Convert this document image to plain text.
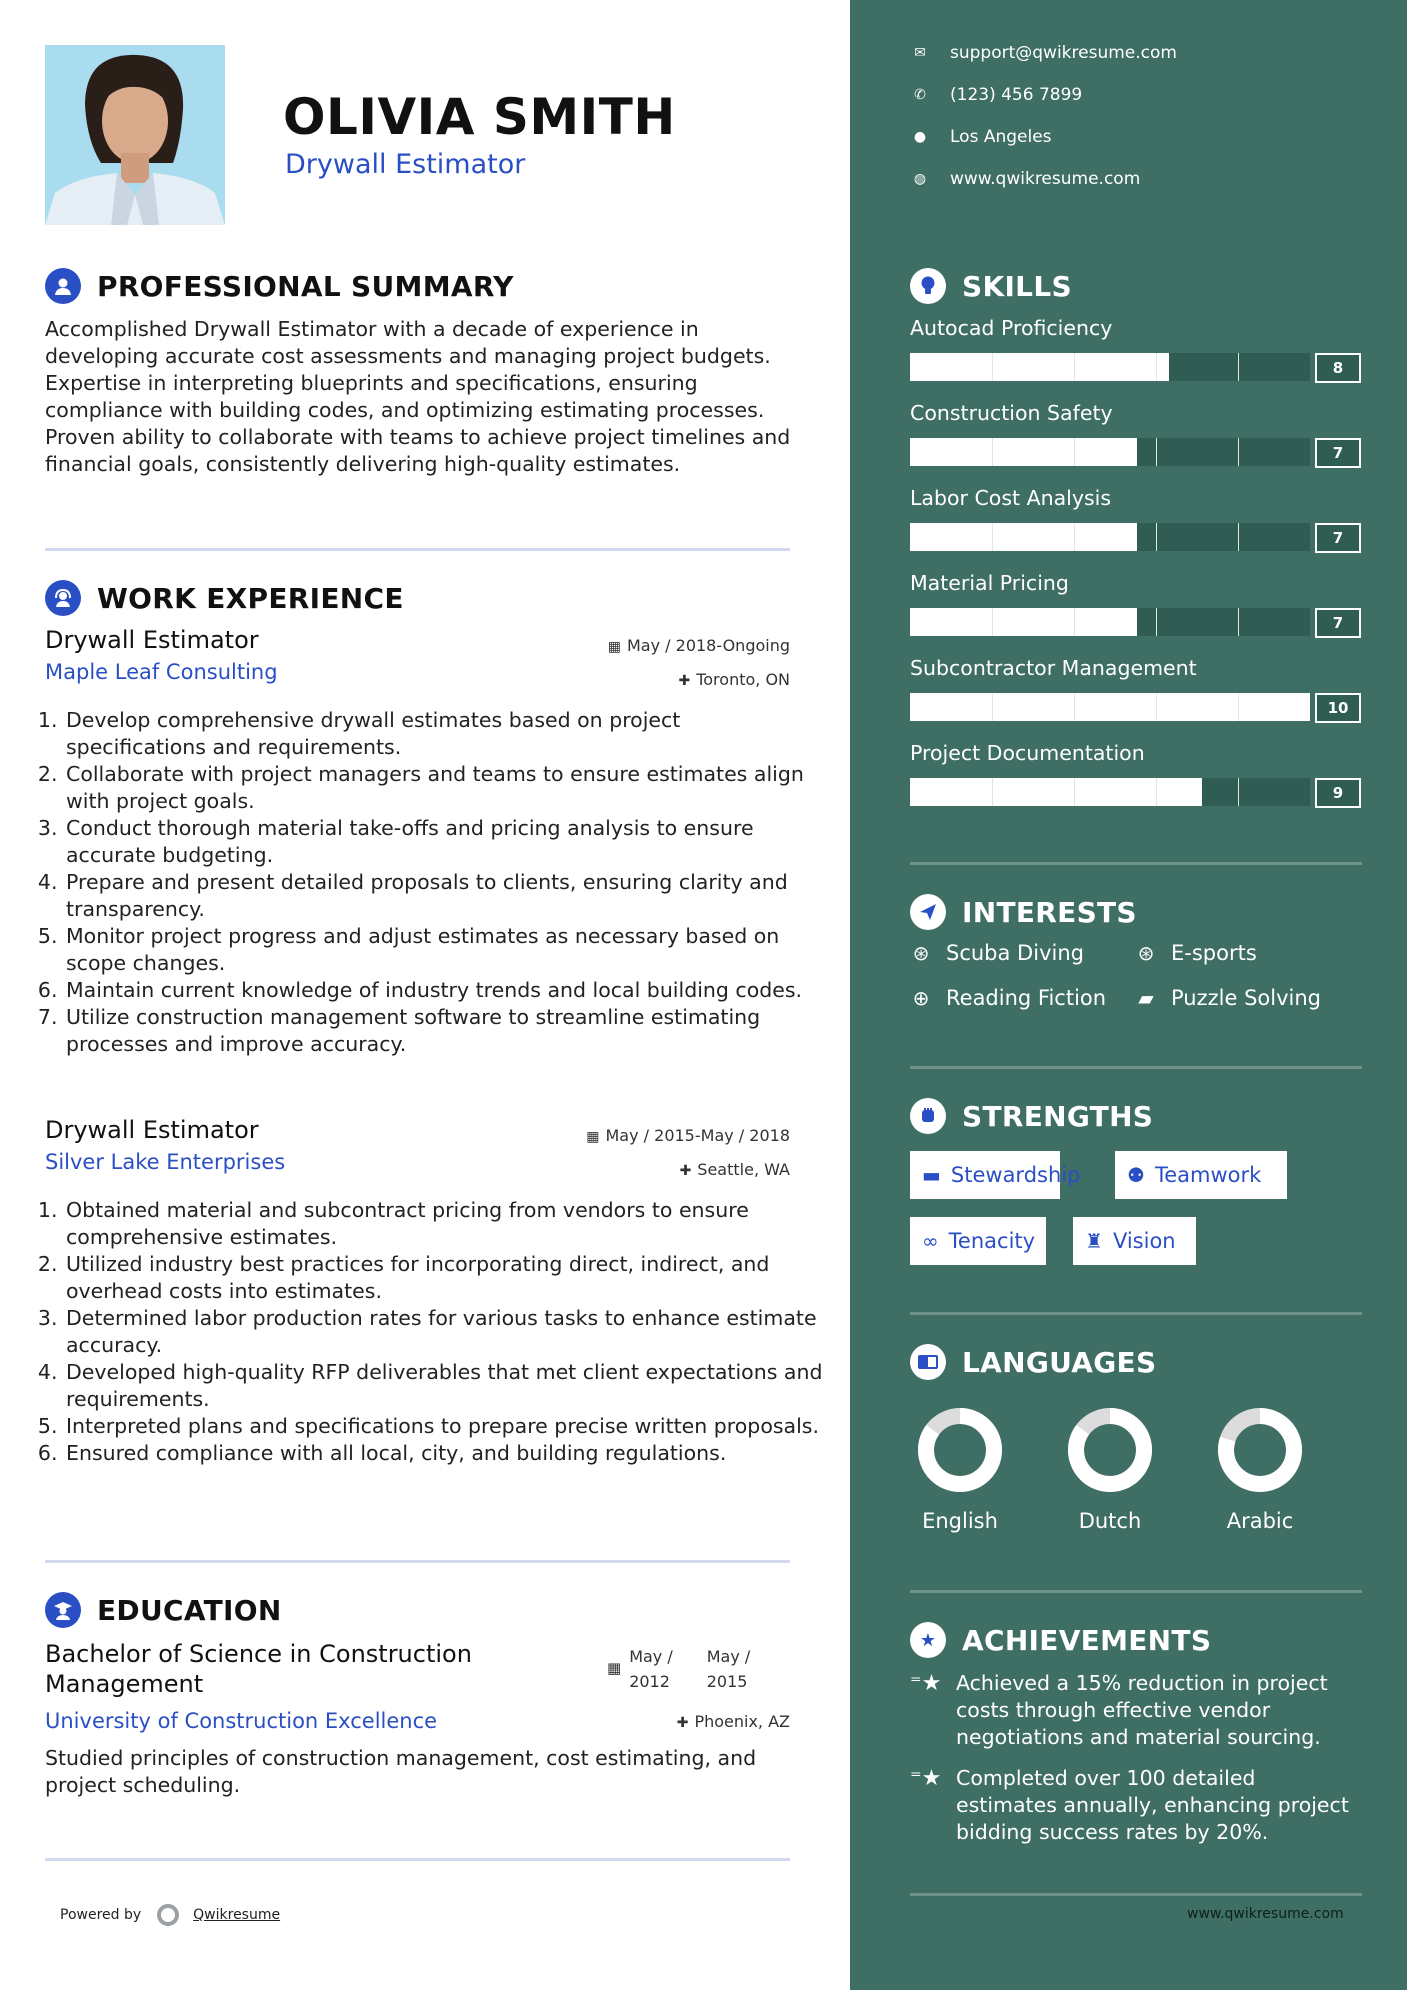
OLIVIA SMITH
Drywall Estimator
PROFESSIONAL SUMMARY
Accomplished Drywall Estimator with a decade of experience in developing accurate cost assessments and managing project budgets. Expertise in interpreting blueprints and specifications, ensuring compliance with building codes, and optimizing estimating processes. Proven ability to collaborate with teams to achieve project timelines and financial goals, consistently delivering high-quality estimates.
WORK EXPERIENCE
Drywall Estimator
Maple Leaf Consulting
▦ May / 2018-Ongoing
✚ Toronto, ON
1. Develop comprehensive drywall estimates based on project specifications and requirements.
2. Collaborate with project managers and teams to ensure estimates align with project goals.
3. Conduct thorough material take-offs and pricing analysis to ensure accurate budgeting.
4. Prepare and present detailed proposals to clients, ensuring clarity and transparency.
5. Monitor project progress and adjust estimates as necessary based on scope changes.
6. Maintain current knowledge of industry trends and local building codes.
7. Utilize construction management software to streamline estimating processes and improve accuracy.
Drywall Estimator
Silver Lake Enterprises
▦ May / 2015-May / 2018
✚ Seattle, WA
1. Obtained material and subcontract pricing from vendors to ensure comprehensive estimates.
2. Utilized industry best practices for incorporating direct, indirect, and overhead costs into estimates.
3. Determined labor production rates for various tasks to enhance estimate accuracy.
4. Developed high-quality RFP deliverables that met client expectations and requirements.
5. Interpreted plans and specifications to prepare precise written proposals.
6. Ensured compliance with all local, city, and building regulations.
EDUCATION
Bachelor of Science in Construction Management
▦
May /
2012
May /
2015
University of Construction Excellence	✚ Phoenix, AZ
Studied principles of construction management, cost estimating, and project scheduling.
Powered by	Qwikresume
✉ support@qwikresume.com
✆ (123) 456 7899
● Los Angeles
◍ www.qwikresume.com
SKILLS
Autocad Proficiency
8
Construction Safety
7
Labor Cost Analysis
7
Material Pricing
7
Subcontractor Management
10
Project Documentation
9
INTERESTS
⊛ Scuba Diving	⊛ E-sports
⊕ Reading Fiction ▰ Puzzle Solving
STRENGTHS
▬ Stewardship ⚉ Teamwork
∞ Tenacity ♜ Vision
LANGUAGES
English	Dutch	Arabic
★ ACHIEVEMENTS
⁼★ Achieved a 15% reduction in project costs through effective vendor negotiations and material sourcing.
⁼★ Completed over 100 detailed estimates annually, enhancing project bidding success rates by 20%.
www.qwikresume.com
